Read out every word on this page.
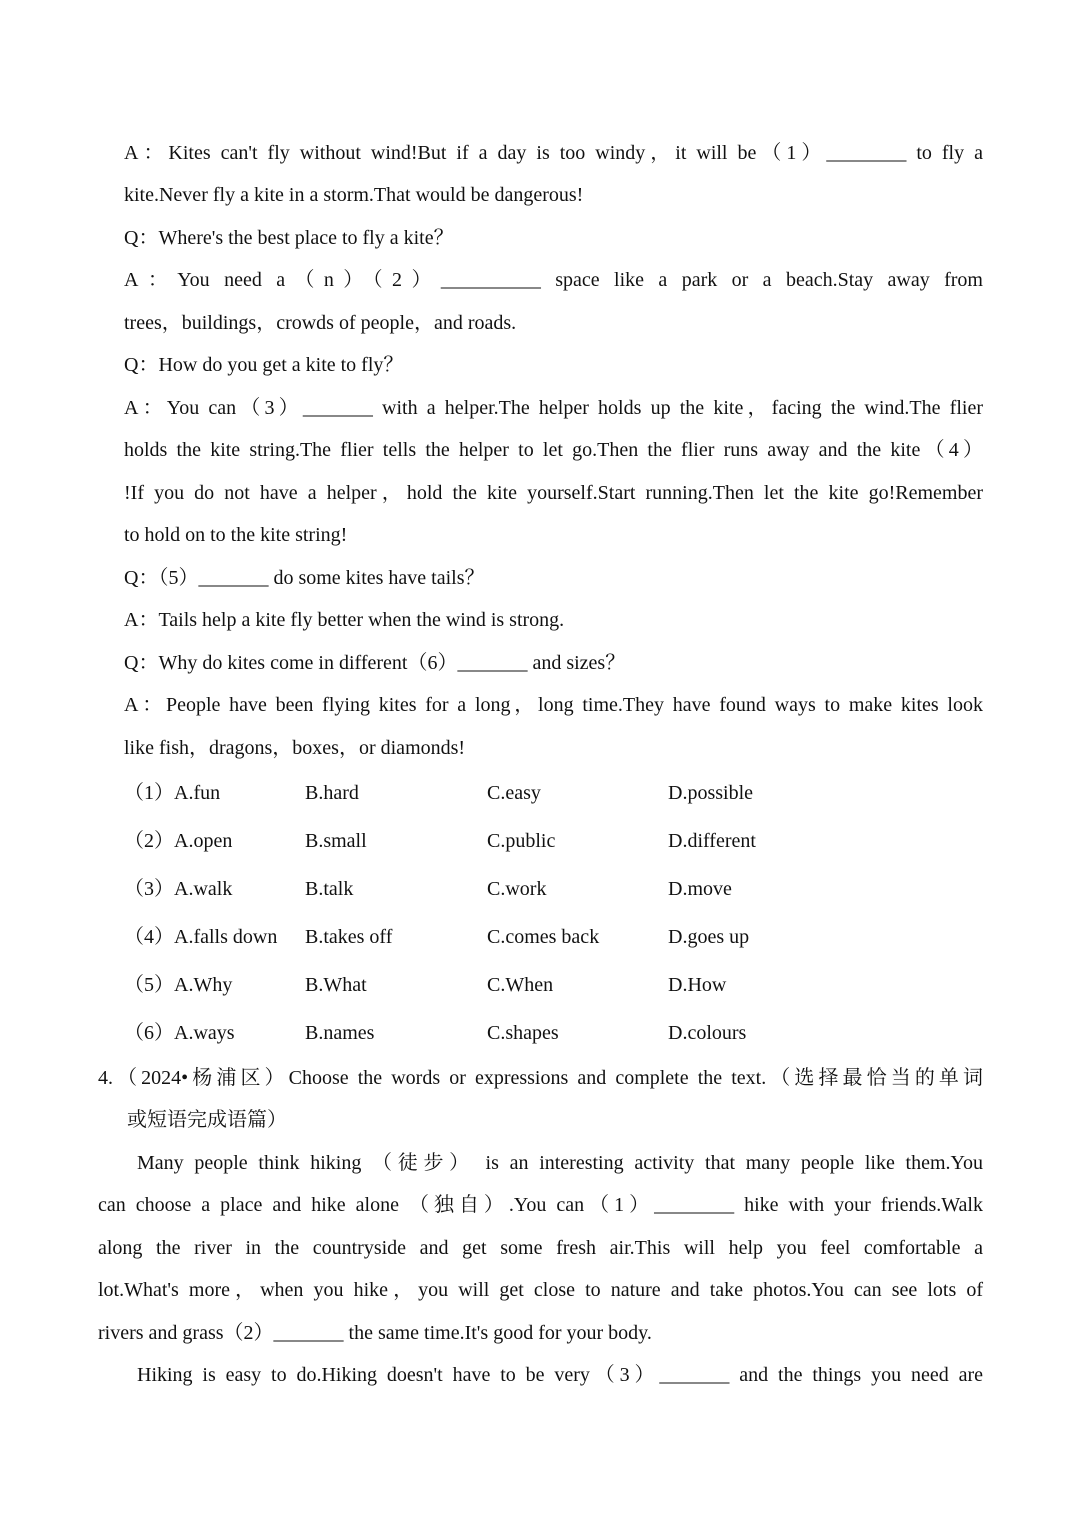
A：Kites can't fly without wind!But if a day is too windy，it will be（1）________ to fly a
kite.Never fly a kite in a storm.That would be dangerous!
Q：Where's the best place to fly a kite？
A：You need a（n）（2）__________ space like a park or a beach.Stay away from
trees，buildings，crowds of people，and roads.
Q：How do you get a kite to fly？
A：You can（3）_______ with a helper.The helper holds up the kite，facing the wind.The flier
holds the kite string.The flier tells the helper to let go.Then the flier runs away and the kite（4）
!If you do not have a helper，hold the kite yourself.Start running.Then let the kite go!Remember
to hold on to the kite string!
Q：（5）_______ do some kites have tails？
A：Tails help a kite fly better when the wind is strong.
Q：Why do kites come in different（6）_______ and sizes？
A：People have been flying kites for a long，long time.They have found ways to make kites look
like fish，dragons，boxes，or diamonds!
（1）A.fun	B.hard	C.easy	D.possible
（2）A.open	B.small	C.public	D.different
（3）A.walk	B.talk	C.work	D.move
（4）A.falls down B.takes off	C.comes back	D.goes up
（5）A.Why	B.What	C.When	D.How
（6）A.ways	B.names	C.shapes	D.colours
4.（2024•杨浦区）Choose the words or expressions and complete the text.（选择最恰当的单词
或短语完成语篇）
Many people think hiking （徒步） is an interesting activity that many people like them.You
can choose a place and hike alone （独自）.You can（1）________ hike with your friends.Walk
along the river in the countryside and get some fresh air.This will help you feel comfortable a
lot.What's more，when you hike，you will get close to nature and take photos.You can see lots of
rivers and grass（2）_______ the same time.It's good for your body.
Hiking is easy to do.Hiking doesn't have to be very（3）_______ and the things you need are
